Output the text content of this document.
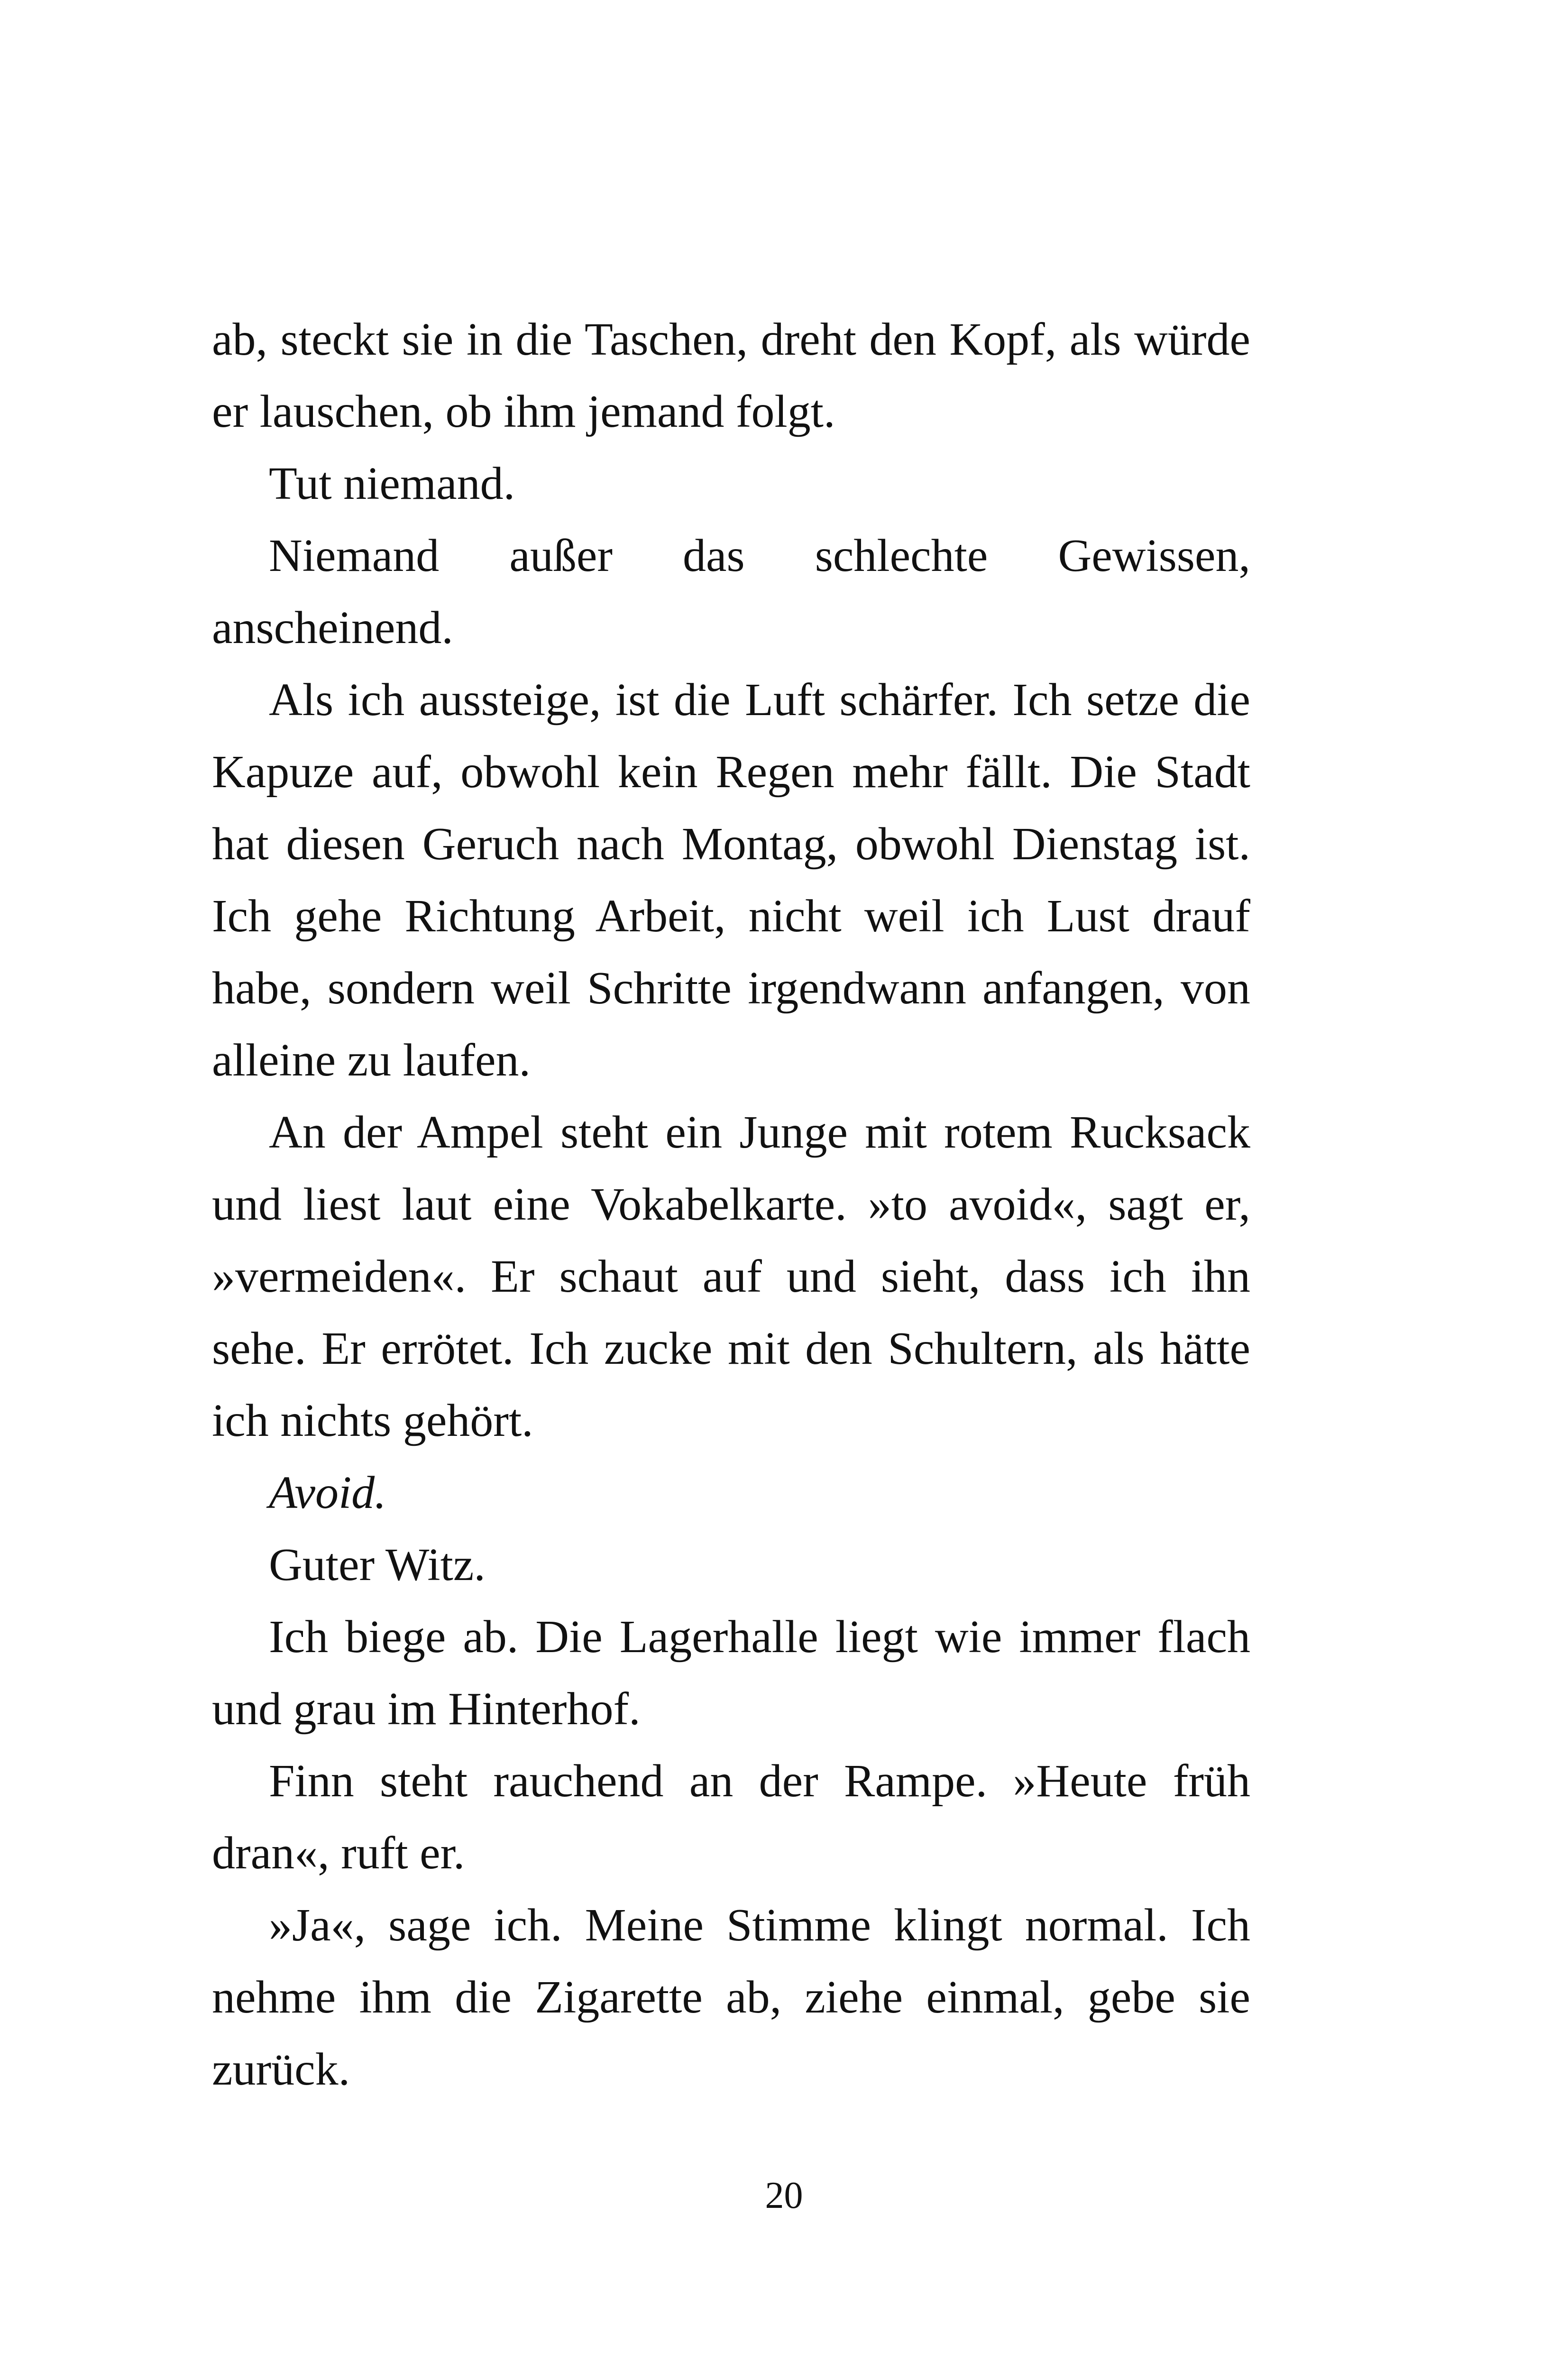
ab, steckt sie in die Taschen, dreht den Kopf, als würde er lauschen, ob ihm jemand folgt.

Tut niemand.

Niemand außer das schlechte Gewissen, anscheinend.

Als ich aussteige, ist die Luft schärfer. Ich setze die Kapuze auf, obwohl kein Regen mehr fällt. Die Stadt hat diesen Geruch nach Montag, obwohl Dienstag ist. Ich gehe Richtung Arbeit, nicht weil ich Lust drauf habe, sondern weil Schritte irgendwann anfangen, von alleine zu laufen.

An der Ampel steht ein Junge mit rotem Rucksack und liest laut eine Vokabelkarte. »to avoid«, sagt er, »vermeiden«. Er schaut auf und sieht, dass ich ihn sehe. Er errötet. Ich zucke mit den Schultern, als hätte ich nichts gehört.

Avoid.

Guter Witz.

Ich biege ab. Die Lagerhalle liegt wie immer flach und grau im Hinterhof.

Finn steht rauchend an der Rampe. »Heute früh dran«, ruft er.

»Ja«, sage ich. Meine Stimme klingt normal. Ich nehme ihm die Zigarette ab, ziehe einmal, gebe sie zurück.

20
